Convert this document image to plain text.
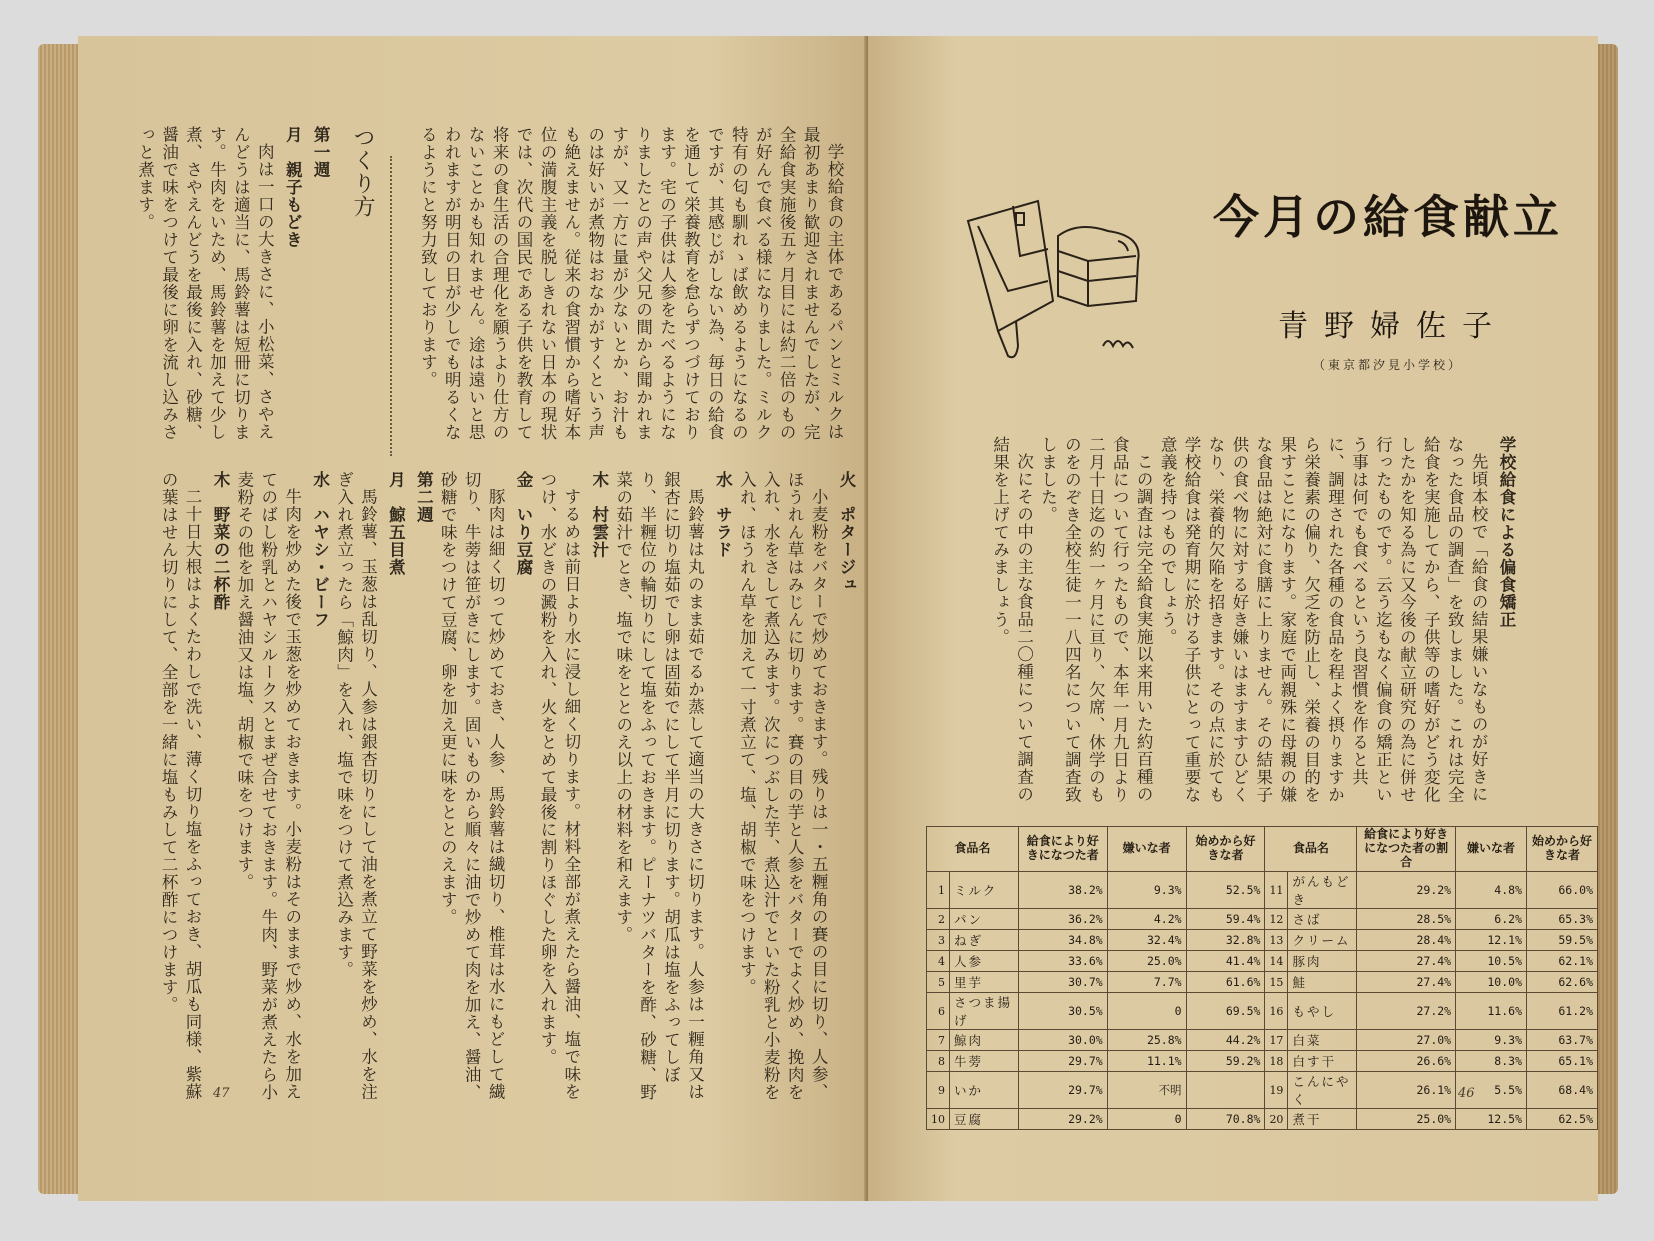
学校給食の主体であるパンとミルクは最初あまり歓迎されませんでしたが、完全給食実施後五ヶ月目には約二倍のものが好んで食べる様になりました。ミルク特有の匂も馴れゝば飲めるようになるのですが、其感じがしない為、毎日の給食を通して栄養教育を怠らずつづけております。宅の子供は人参をたべるようになりましたとの声や父兄の間から聞かれますが、又一方に量が少ないとか、お汁ものは好いが煮物はおなかがすくという声も絶えません。従来の食習慣から嗜好本位の満腹主義を脱しきれない日本の現状では、次代の国民である子供を教育して将来の食生活の合理化を願うより仕方のないことかも知れません。途は遠いと思われますが明日の日が少しでも明るくなるようにと努力致しております。

つくり方
第一週
月　親子もどき

肉は一口の大きさに、小松菜、さやえんどうは適当に、馬鈴薯は短冊に切ります。牛肉をいため、馬鈴薯を加えて少し煮、さやえんどうを最後に入れ、砂糖、醤油で味をつけて最後に卵を流し込みさっと煮ます。

火　ポタージュ

小麦粉をバターで炒めておきます。残りは一・五糎角の賽の目に切り、人参、ほうれん草はみじんに切ります。賽の目の芋と人参をバターでよく炒め、挽肉を入れ、水をさして煮込みます。次につぶした芋、煮込汁でといた粉乳と小麦粉を入れ、ほうれん草を加えて一寸煮立て、塩、胡椒で味をつけます。

水　サラド

馬鈴薯は丸のまま茹でるか蒸して適当の大きさに切ります。人参は一糎角又は銀杏に切り塩茹でし卵は固茹でにして半月に切ります。胡瓜は塩をふってしぼり、半糎位の輪切りにして塩をふっておきます。ピーナツバターを酢、砂糖、野菜の茹汁でとき、塩で味をととのえ以上の材料を和えます。

木　村雲汁

するめは前日より水に浸し細く切ります。材料全部が煮えたら醤油、塩で味をつけ、水どきの澱粉を入れ、火をとめて最後に割りほぐした卵を入れます。

金　いり豆腐

豚肉は細く切って炒めておき、人参、馬鈴薯は繊切り、椎茸は水にもどして繊切り、牛蒡は笹がきにします。固いものから順々に油で炒めて肉を加え、醤油、砂糖で味をつけて豆腐、卵を加え更に味をととのえます。

第二週
月　鯨五目煮

馬鈴薯、玉葱は乱切り、人参は銀杏切りにして油を煮立て野菜を炒め、水を注ぎ入れ煮立ったら「鯨肉」を入れ、塩で味をつけて煮込みます。

水　ハヤシ・ビーフ

牛肉を炒めた後で玉葱を炒めておきます。小麦粉はそのままで炒め、水を加えてのばし粉乳とハヤシルークスとまぜ合せておきます。牛肉、野菜が煮えたら小麦粉その他を加え醤油又は塩、胡椒で味をつけます。

木　野菜の二杯酢

二十日大根はよくたわしで洗い、薄く切り塩をふっておき、胡瓜も同様、紫蘇の葉はせん切りにして、全部を一緒に塩もみして二杯酢につけます。

47
今月の給食献立
青野婦佐子
（東京都汐見小学校）
学校給食による偏食矯正

先頃本校で「給食の結果嫌いなものが好きになった食品の調査」を致しました。これは完全給食を実施してから、子供等の嗜好がどう変化したかを知る為に又今後の献立研究の為に併せ行ったものです。云う迄もなく偏食の矯正という事は何でも食べるという良習慣を作ると共に、調理された各種の食品を程よく摂りますから栄養素の偏り、欠乏を防止し、栄養の目的を果すことになります。家庭で両親殊に母親の嫌な食品は絶対に食膳に上りません。その結果子供の食べ物に対する好き嫌いはますますひどくなり、栄養的欠陥を招きます。その点に於ても学校給食は発育期に於ける子供にとって重要な意義を持つものでしょう。

この調査は完全給食実施以来用いた約百種の食品について行ったもので、本年一月九日より二月十日迄の約一ヶ月に亘り、欠席、休学のものをのぞき全校生徒一一八四名について調査致しました。

次にその中の主な食品二〇種について調査の結果を上げてみましょう。

食品名		給食により好きになつた者	嫌いな者	始めから好きな者	食品名		給食により好きになつた者の割合	嫌いな者	始めから好きな者
1	ミルク	38.2%	9.3%	52.5%	11	がんもどき	29.2%	4.8%	66.0%
2	パン	36.2%	4.2%	59.4%	12	さば	28.5%	6.2%	65.3%
3	ねぎ	34.8%	32.4%	32.8%	13	クリーム	28.4%	12.1%	59.5%
4	人参	33.6%	25.0%	41.4%	14	豚肉	27.4%	10.5%	62.1%
5	里芋	30.7%	7.7%	61.6%	15	鮭	27.4%	10.0%	62.6%
6	さつま揚げ	30.5%	0	69.5%	16	もやし	27.2%	11.6%	61.2%
7	鯨肉	30.0%	25.8%	44.2%	17	白菜	27.0%	9.3%	63.7%
8	牛蒡	29.7%	11.1%	59.2%	18	白す干	26.6%	8.3%	65.1%
9	いか	29.7%	不明		19	こんにやく	26.1%	5.5%	68.4%
10	豆腐	29.2%	0	70.8%	20	煮干	25.0%	12.5%	62.5%
46
